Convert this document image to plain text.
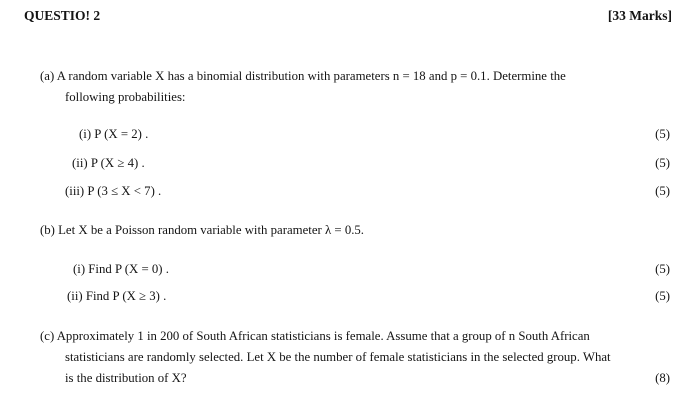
QUESTIO! 2	[33 Marks]
(a) A random variable X has a binomial distribution with parameters n = 18 and p = 0.1. Determine the
following probabilities:
(i) P (X = 2) .	(5)
(ii) P (X ≥ 4) .	(5)
(iii) P (3 ≤ X < 7) .	(5)
(b) Let X be a Poisson random variable with parameter λ = 0.5.
(i) Find P (X = 0) .	(5)
(ii) Find P (X ≥ 3) .	(5)
(c) Approximately 1 in 200 of South African statisticians is female. Assume that a group of n South African
statisticians are randomly selected. Let X be the number of female statisticians in the selected group. What
is the distribution of X?	(8)
